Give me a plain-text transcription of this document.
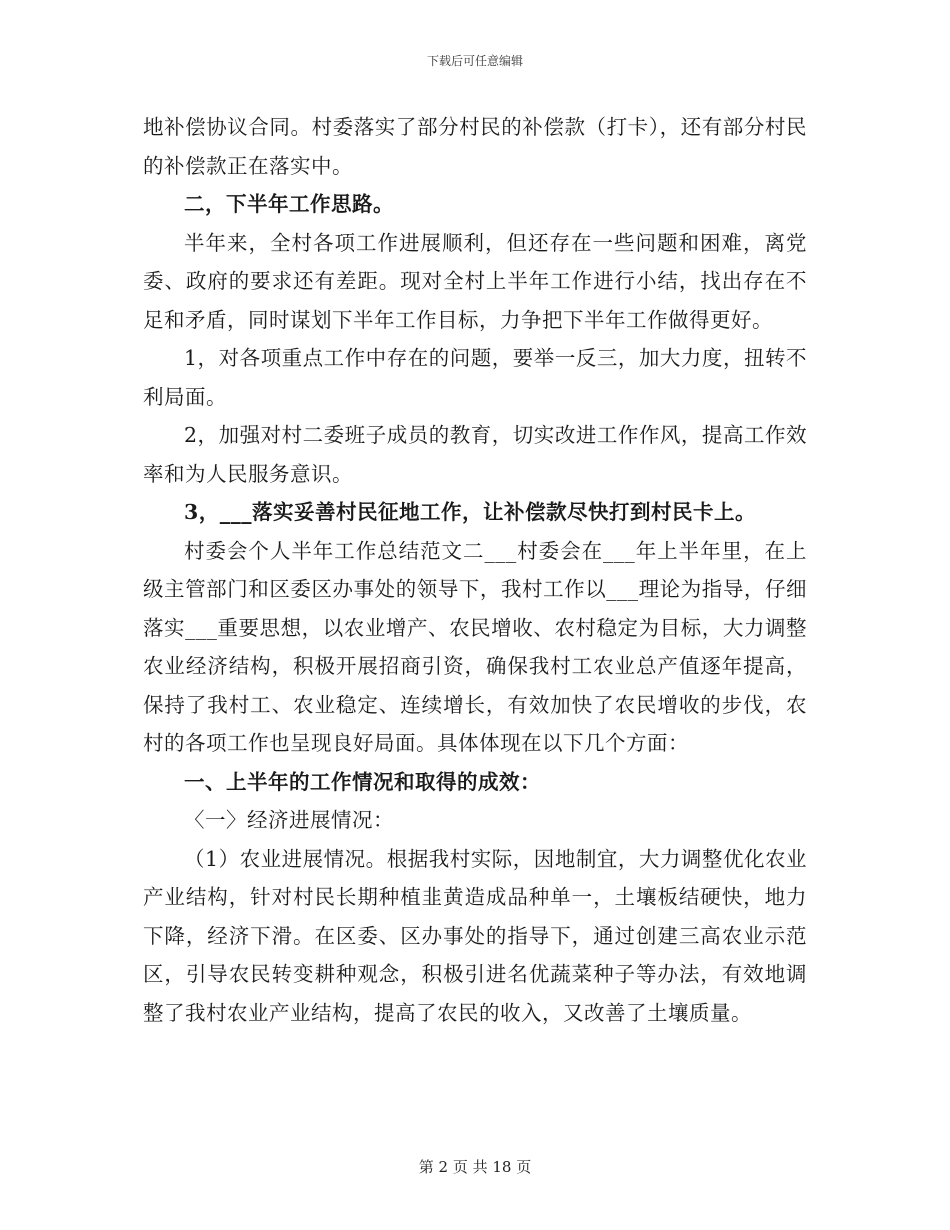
下载后可任意编辑

地补偿协议合同。村委落实了部分村民的补偿款（打卡），还有部分村民的补偿款正在落实中。

二，下半年工作思路。

半年来，全村各项工作进展顺利，但还存在一些问题和困难，离党委、政府的要求还有差距。现对全村上半年工作进行小结，找出存在不足和矛盾，同时谋划下半年工作目标，力争把下半年工作做得更好。

1，对各项重点工作中存在的问题，要举一反三，加大力度，扭转不利局面。

2，加强对村二委班子成员的教育，切实改进工作作风，提高工作效率和为人民服务意识。

3，___落实妥善村民征地工作，让补偿款尽快打到村民卡上。

村委会个人半年工作总结范文二___村委会在___年上半年里，在上级主管部门和区委区办事处的领导下，我村工作以___理论为指导，仔细落实___重要思想，以农业增产、农民增收、农村稳定为目标，大力调整农业经济结构，积极开展招商引资，确保我村工农业总产值逐年提高，保持了我村工、农业稳定、连续增长，有效加快了农民增收的步伐，农村的各项工作也呈现良好局面。具体体现在以下几个方面：

一、上半年的工作情况和取得的成效：

〈一〉经济进展情况：

（1）农业进展情况。根据我村实际，因地制宜，大力调整优化农业产业结构，针对村民长期种植韭黄造成品种单一，土壤板结硬快，地力下降，经济下滑。在区委、区办事处的指导下，通过创建三高农业示范区，引导农民转变耕种观念，积极引进名优蔬菜种子等办法，有效地调整了我村农业产业结构，提高了农民的收入，又改善了土壤质量。

第 2 页 共 18 页
